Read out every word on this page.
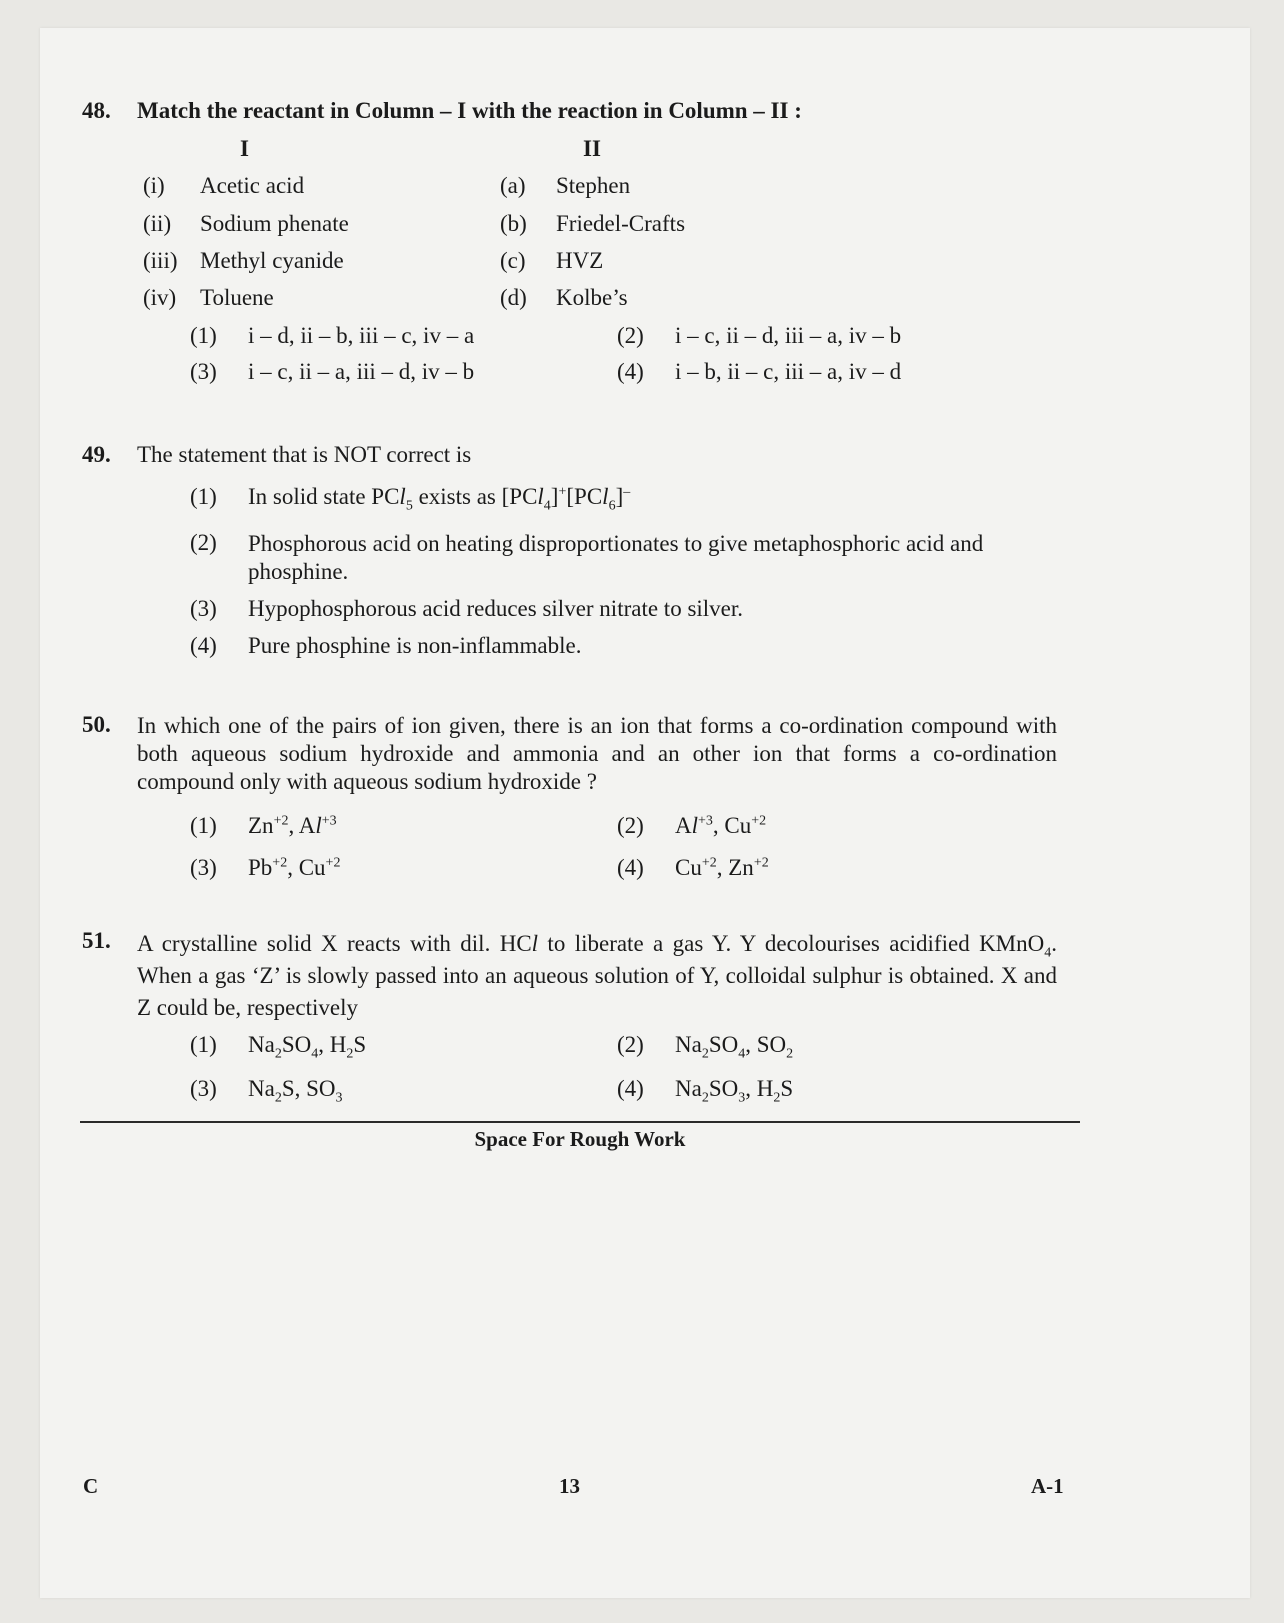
48. Match the reactant in Column – I with the reaction in Column – II :
I	II
(i) Acetic acid	(a) Stephen
(ii) Sodium phenate	(b) Friedel-Crafts
(iii) Methyl cyanide	(c) HVZ
(iv) Toluene	(d) Kolbe’s
(1) i – d, ii – b, iii – c, iv – a	(2) i – c, ii – d, iii – a, iv – b
(3) i – c, ii – a, iii – d, iv – b	(4) i – b, ii – c, iii – a, iv – d
49. The statement that is NOT correct is
(1) In solid state PCl$_5$ exists as [PCl$_4$]+[PCl$_6$]–
(2) Phosphorous acid on heating disproportionates to give metaphosphoric acid and phosphine.
(3) Hypophosphorous acid reduces silver nitrate to silver.
(4) Pure phosphine is non-inflammable.
50. In which one of the pairs of ion given, there is an ion that forms a co-ordination compound with both aqueous sodium hydroxide and ammonia and an other ion that forms a co-ordination compound only with aqueous sodium hydroxide ?
(1) $Zn^{+2}$, $Al^{+3}$	(2) $Al^{+3}$, $Cu^{+2}$
(3) $Pb^{+2}$, $Cu^{+2}$	(4) $Cu^{+2}$, $Zn^{+2}$
51. A crystalline solid X reacts with dil. HCl to liberate a gas Y. Y decolourises acidified KMnO$_4$. When a gas ‘Z’ is slowly passed into an aqueous solution of Y, colloidal sulphur is obtained. X and Z could be, respectively
(1) $Na_2SO_4$, $H_2S$	(2) $Na_2SO_4$, $SO_2$
(3) $Na_2S$, $SO_3$	(4) $Na_2SO_3$, $H_2S$
Space For Rough Work
C	13	A-1
